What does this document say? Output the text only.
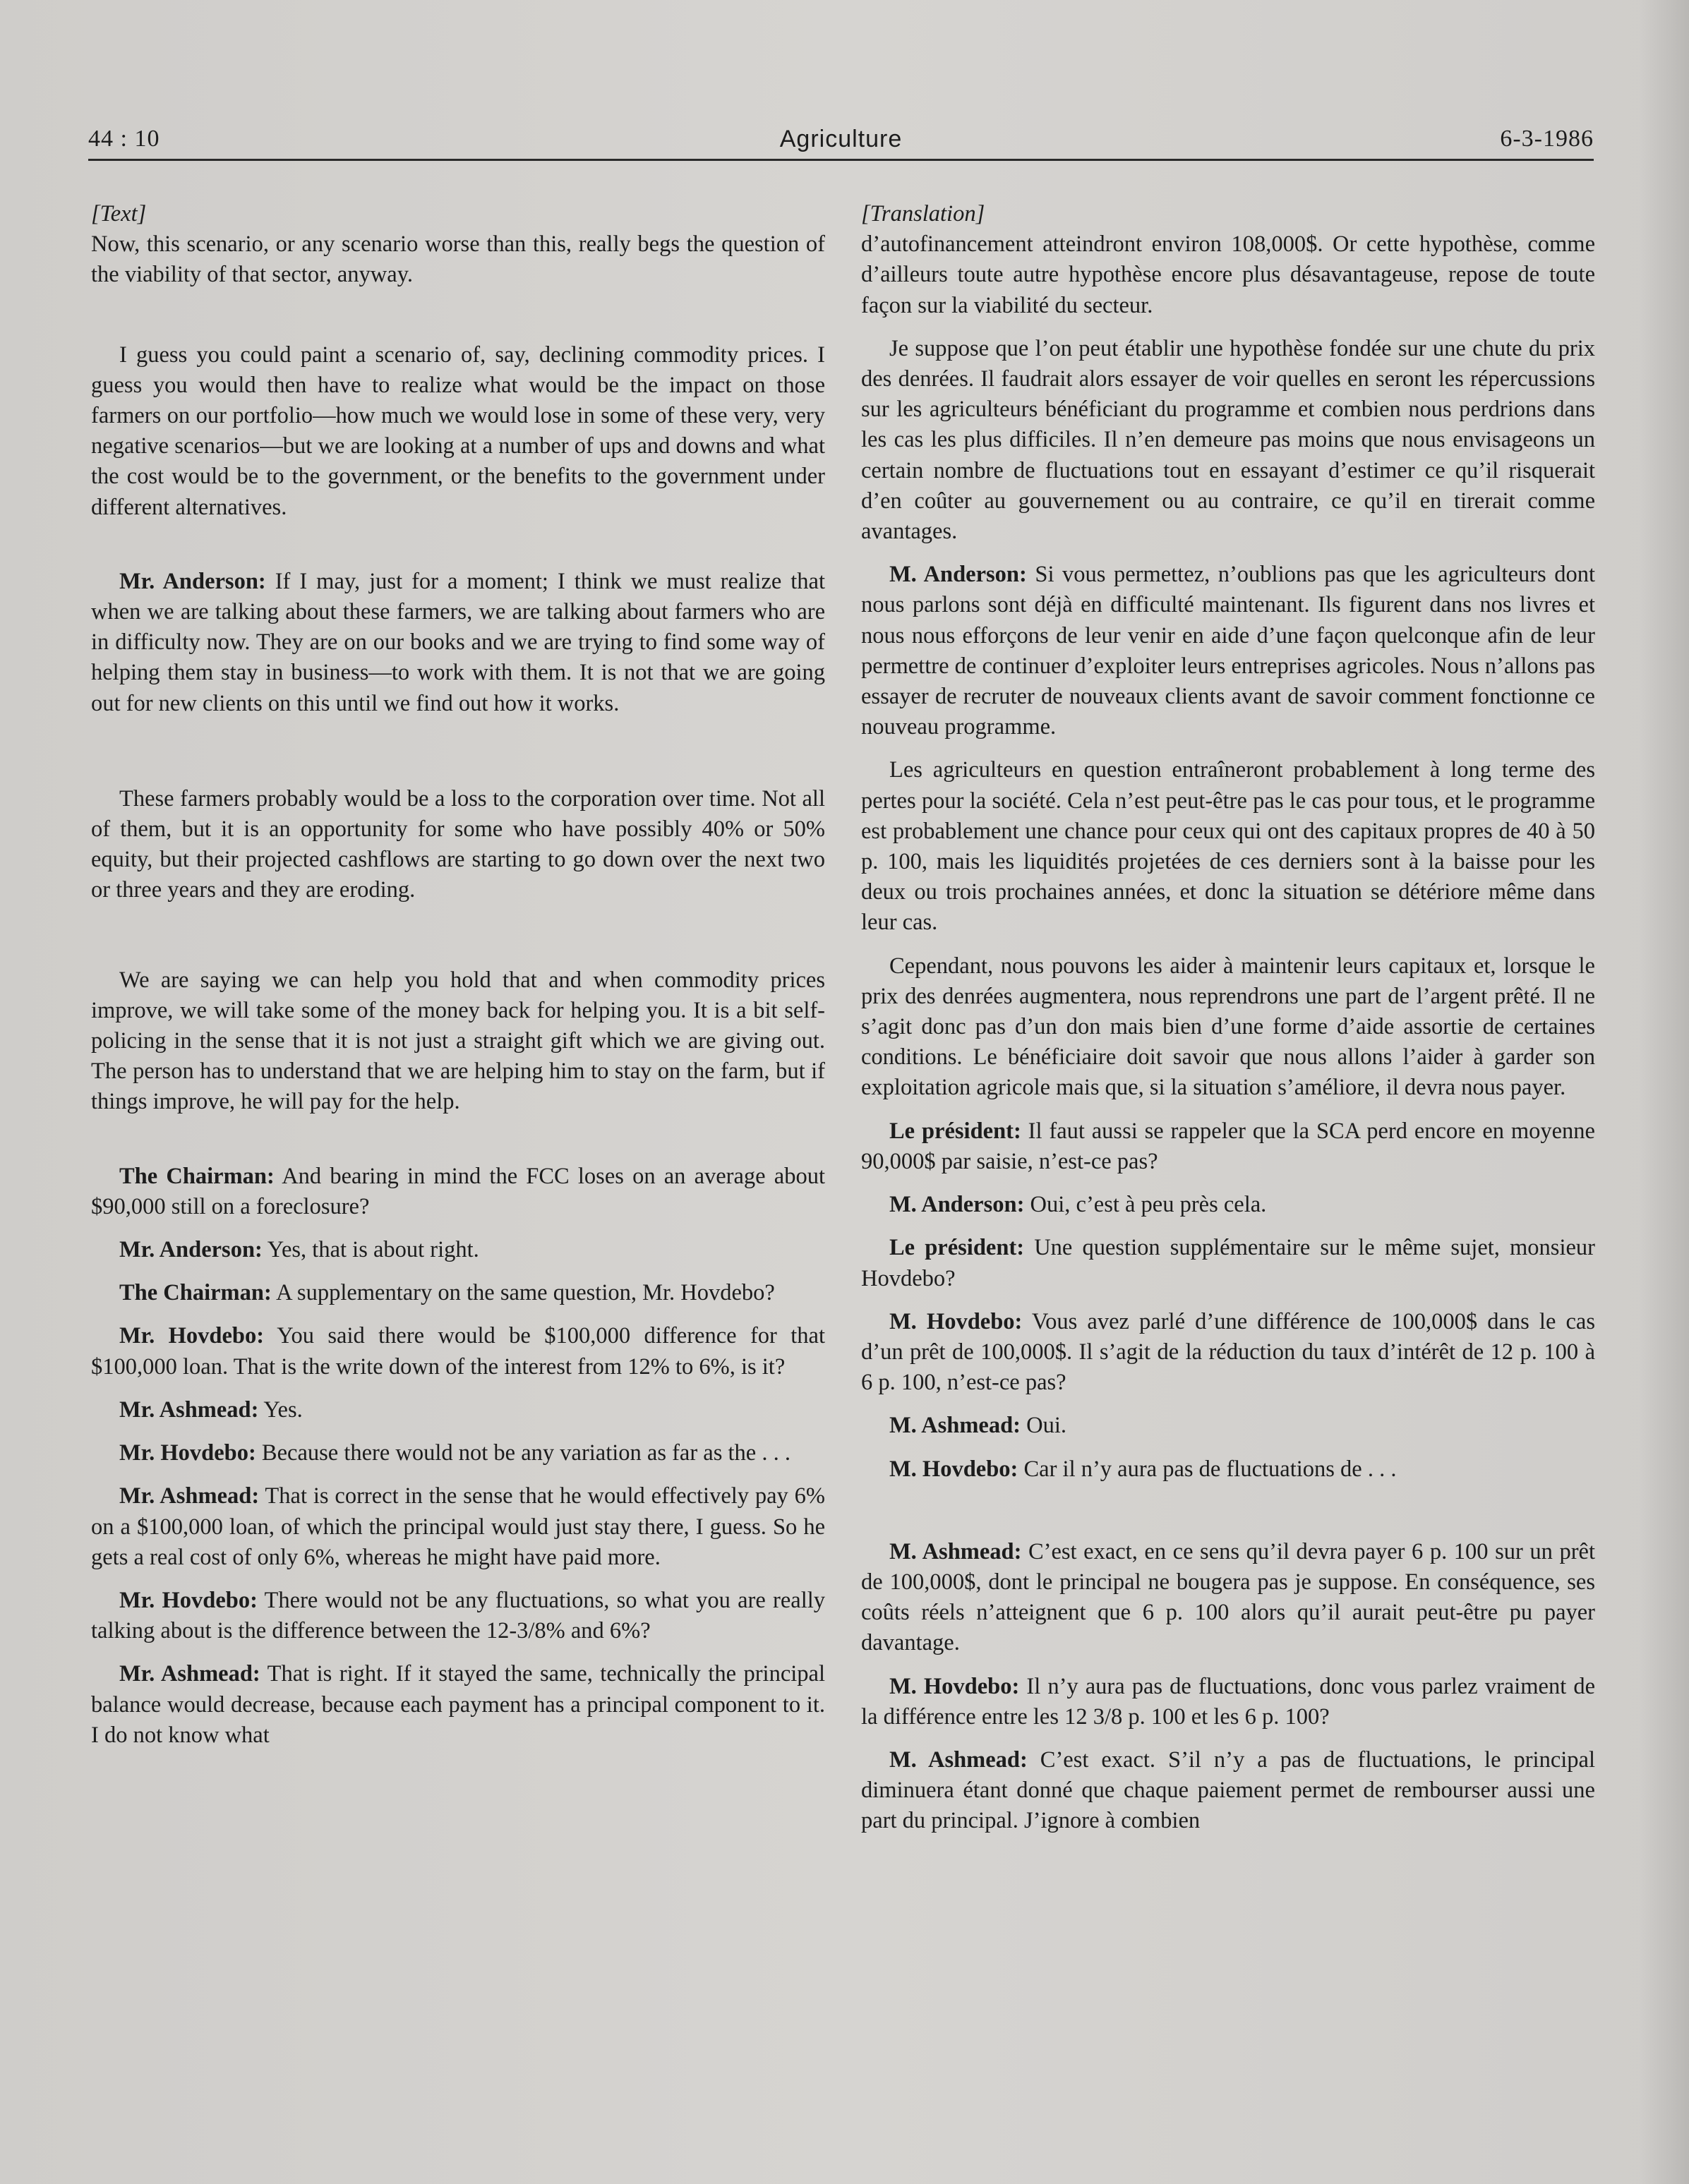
44 : 10	Agriculture	6-3-1986

[Text]

Now, this scenario, or any scenario worse than this, really begs the question of the viability of that sector, anyway.

I guess you could paint a scenario of, say, declining commodity prices. I guess you would then have to realize what would be the impact on those farmers on our portfolio—how much we would lose in some of these very, very negative scenarios—but we are looking at a number of ups and downs and what the cost would be to the government, or the benefits to the government under different alternatives.

Mr. Anderson: If I may, just for a moment; I think we must realize that when we are talking about these farmers, we are talking about farmers who are in difficulty now. They are on our books and we are trying to find some way of helping them stay in business—to work with them. It is not that we are going out for new clients on this until we find out how it works.

These farmers probably would be a loss to the corporation over time. Not all of them, but it is an opportunity for some who have possibly 40% or 50% equity, but their projected cashflows are starting to go down over the next two or three years and they are eroding.

We are saying we can help you hold that and when commodity prices improve, we will take some of the money back for helping you. It is a bit self-policing in the sense that it is not just a straight gift which we are giving out. The person has to understand that we are helping him to stay on the farm, but if things improve, he will pay for the help.

The Chairman: And bearing in mind the FCC loses on an average about $90,000 still on a foreclosure?

Mr. Anderson: Yes, that is about right.

The Chairman: A supplementary on the same question, Mr. Hovdebo?

Mr. Hovdebo: You said there would be $100,000 difference for that $100,000 loan. That is the write down of the interest from 12% to 6%, is it?

Mr. Ashmead: Yes.

Mr. Hovdebo: Because there would not be any variation as far as the . . .

Mr. Ashmead: That is correct in the sense that he would effectively pay 6% on a $100,000 loan, of which the principal would just stay there, I guess. So he gets a real cost of only 6%, whereas he might have paid more.

Mr. Hovdebo: There would not be any fluctuations, so what you are really talking about is the difference between the 12-3/8% and 6%?

Mr. Ashmead: That is right. If it stayed the same, technically the principal balance would decrease, because each payment has a principal component to it. I do not know what

[Translation]

d’autofinancement atteindront environ 108,000$. Or cette hypothèse, comme d’ailleurs toute autre hypothèse encore plus désavantageuse, repose de toute façon sur la viabilité du secteur.

Je suppose que l’on peut établir une hypothèse fondée sur une chute du prix des denrées. Il faudrait alors essayer de voir quelles en seront les répercussions sur les agriculteurs bénéficiant du programme et combien nous perdrions dans les cas les plus difficiles. Il n’en demeure pas moins que nous envisageons un certain nombre de fluctuations tout en essayant d’estimer ce qu’il risquerait d’en coûter au gouvernement ou au contraire, ce qu’il en tirerait comme avantages.

M. Anderson: Si vous permettez, n’oublions pas que les agriculteurs dont nous parlons sont déjà en difficulté maintenant. Ils figurent dans nos livres et nous nous efforçons de leur venir en aide d’une façon quelconque afin de leur permettre de continuer d’exploiter leurs entreprises agricoles. Nous n’allons pas essayer de recruter de nouveaux clients avant de savoir comment fonctionne ce nouveau programme.

Les agriculteurs en question entraîneront probablement à long terme des pertes pour la société. Cela n’est peut-être pas le cas pour tous, et le programme est probablement une chance pour ceux qui ont des capitaux propres de 40 à 50 p. 100, mais les liquidités projetées de ces derniers sont à la baisse pour les deux ou trois prochaines années, et donc la situation se détériore même dans leur cas.

Cependant, nous pouvons les aider à maintenir leurs capitaux et, lorsque le prix des denrées augmentera, nous reprendrons une part de l’argent prêté. Il ne s’agit donc pas d’un don mais bien d’une forme d’aide assortie de certaines conditions. Le bénéficiaire doit savoir que nous allons l’aider à garder son exploitation agricole mais que, si la situation s’améliore, il devra nous payer.

Le président: Il faut aussi se rappeler que la SCA perd encore en moyenne 90,000$ par saisie, n’est-ce pas?

M. Anderson: Oui, c’est à peu près cela.

Le président: Une question supplémentaire sur le même sujet, monsieur Hovdebo?

M. Hovdebo: Vous avez parlé d’une différence de 100,000$ dans le cas d’un prêt de 100,000$. Il s’agit de la réduction du taux d’intérêt de 12 p. 100 à 6 p. 100, n’est-ce pas?

M. Ashmead: Oui.

M. Hovdebo: Car il n’y aura pas de fluctuations de . . .

M. Ashmead: C’est exact, en ce sens qu’il devra payer 6 p. 100 sur un prêt de 100,000$, dont le principal ne bougera pas je suppose. En conséquence, ses coûts réels n’atteignent que 6 p. 100 alors qu’il aurait peut-être pu payer davantage.

M. Hovdebo: Il n’y aura pas de fluctuations, donc vous parlez vraiment de la différence entre les 12 3/8 p. 100 et les 6 p. 100?

M. Ashmead: C’est exact. S’il n’y a pas de fluctuations, le principal diminuera étant donné que chaque paiement permet de rembourser aussi une part du principal. J’ignore à combien
